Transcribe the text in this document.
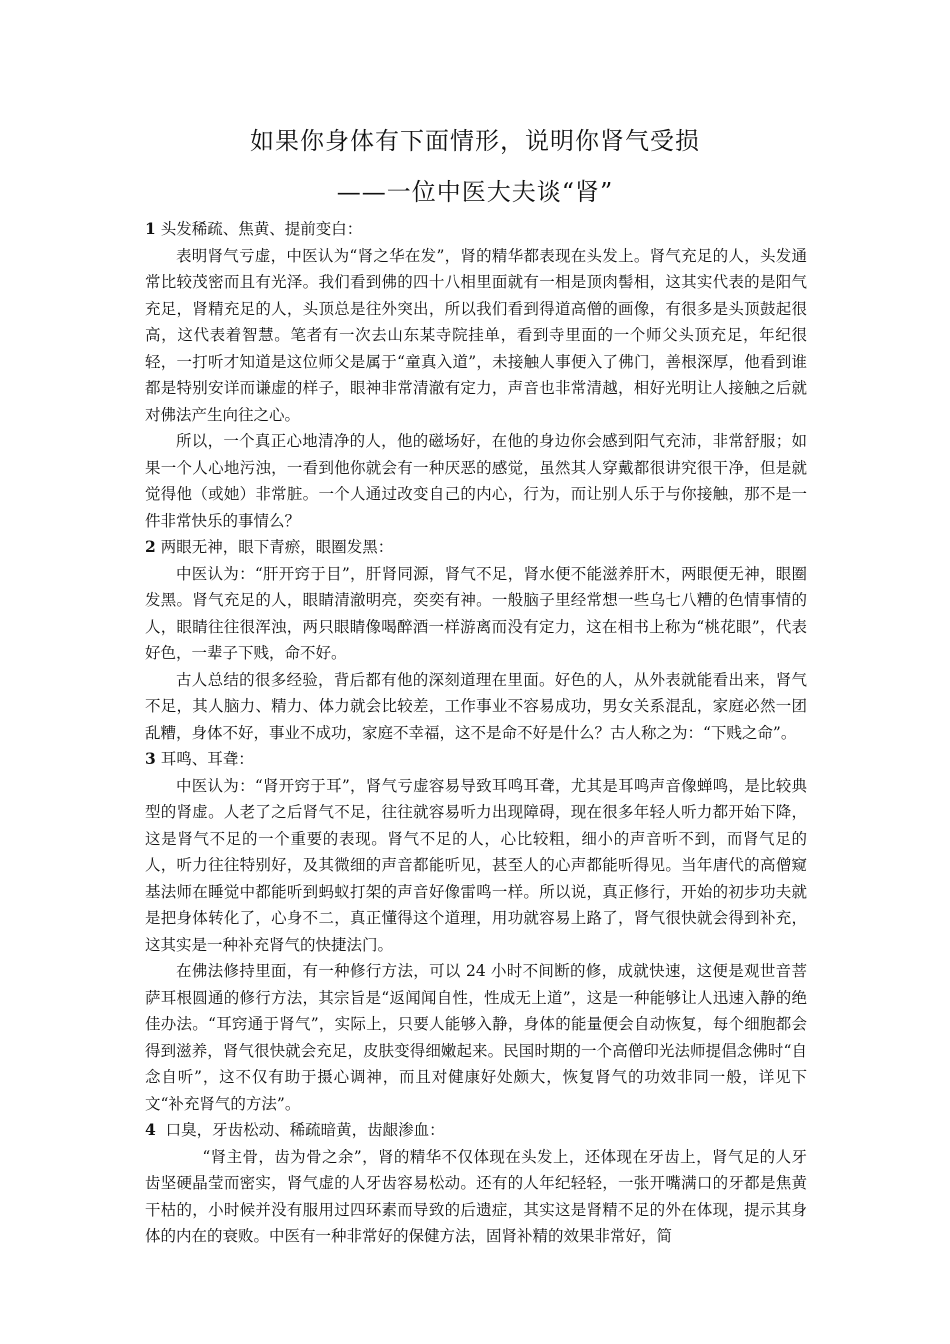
如果你身体有下面情形，说明你肾气受损
——一位中医大夫谈“肾”

1 头发稀疏、焦黄、提前变白：

表明肾气亏虚，中医认为“肾之华在发”，肾的精华都表现在头发上。肾气充足的人，头发通常比较茂密而且有光泽。我们看到佛的四十八相里面就有一相是顶肉髻相，这其实代表的是阳气充足，肾精充足的人，头顶总是往外突出，所以我们看到得道高僧的画像，有很多是头顶鼓起很高，这代表着智慧。笔者有一次去山东某寺院挂单，看到寺里面的一个师父头顶充足，年纪很轻，一打听才知道是这位师父是属于“童真入道”，未接触人事便入了佛门，善根深厚，他看到谁都是特别安详而谦虚的样子，眼神非常清澈有定力，声音也非常清越，相好光明让人接触之后就对佛法产生向往之心。

所以，一个真正心地清净的人，他的磁场好，在他的身边你会感到阳气充沛，非常舒服；如果一个人心地污浊，一看到他你就会有一种厌恶的感觉，虽然其人穿戴都很讲究很干净，但是就觉得他（或她）非常脏。一个人通过改变自己的内心，行为，而让别人乐于与你接触，那不是一件非常快乐的事情么？

2 两眼无神，眼下青瘀，眼圈发黑：

中医认为：“肝开窍于目”，肝肾同源，肾气不足，肾水便不能滋养肝木，两眼便无神，眼圈发黑。肾气充足的人，眼睛清澈明亮，奕奕有神。一般脑子里经常想一些乌七八糟的色情事情的人，眼睛往往很浑浊，两只眼睛像喝醉酒一样游离而没有定力，这在相书上称为“桃花眼”，代表好色，一辈子下贱，命不好。

古人总结的很多经验，背后都有他的深刻道理在里面。好色的人，从外表就能看出来，肾气不足，其人脑力、精力、体力就会比较差，工作事业不容易成功，男女关系混乱，家庭必然一团乱糟，身体不好，事业不成功，家庭不幸福，这不是命不好是什么？古人称之为：“下贱之命”。

3 耳鸣、耳聋：

中医认为：“肾开窍于耳”，肾气亏虚容易导致耳鸣耳聋，尤其是耳鸣声音像蝉鸣，是比较典型的肾虚。人老了之后肾气不足，往往就容易听力出现障碍，现在很多年轻人听力都开始下降，这是肾气不足的一个重要的表现。肾气不足的人，心比较粗，细小的声音听不到，而肾气足的人，听力往往特别好，及其微细的声音都能听见，甚至人的心声都能听得见。当年唐代的高僧窥基法师在睡觉中都能听到蚂蚁打架的声音好像雷鸣一样。所以说，真正修行，开始的初步功夫就是把身体转化了，心身不二，真正懂得这个道理，用功就容易上路了，肾气很快就会得到补充，这其实是一种补充肾气的快捷法门。

在佛法修持里面，有一种修行方法，可以 24 小时不间断的修，成就快速，这便是观世音菩萨耳根圆通的修行方法，其宗旨是“返闻闻自性，性成无上道”，这是一种能够让人迅速入静的绝佳办法。“耳窍通于肾气”，实际上，只要人能够入静，身体的能量便会自动恢复，每个细胞都会得到滋养，肾气很快就会充足，皮肤变得细嫩起来。民国时期的一个高僧印光法师提倡念佛时“自念自听”，这不仅有助于摄心调神，而且对健康好处颇大，恢复肾气的功效非同一般，详见下文“补充肾气的方法”。

4 口臭，牙齿松动、稀疏暗黄，齿龈渗血：

“肾主骨，齿为骨之余”，肾的精华不仅体现在头发上，还体现在牙齿上，肾气足的人牙齿坚硬晶莹而密实，肾气虚的人牙齿容易松动。还有的人年纪轻轻，一张开嘴满口的牙都是焦黄干枯的，小时候并没有服用过四环素而导致的后遗症，其实这是肾精不足的外在体现，提示其身体的内在的衰败。中医有一种非常好的保健方法，固肾补精的效果非常好，简
